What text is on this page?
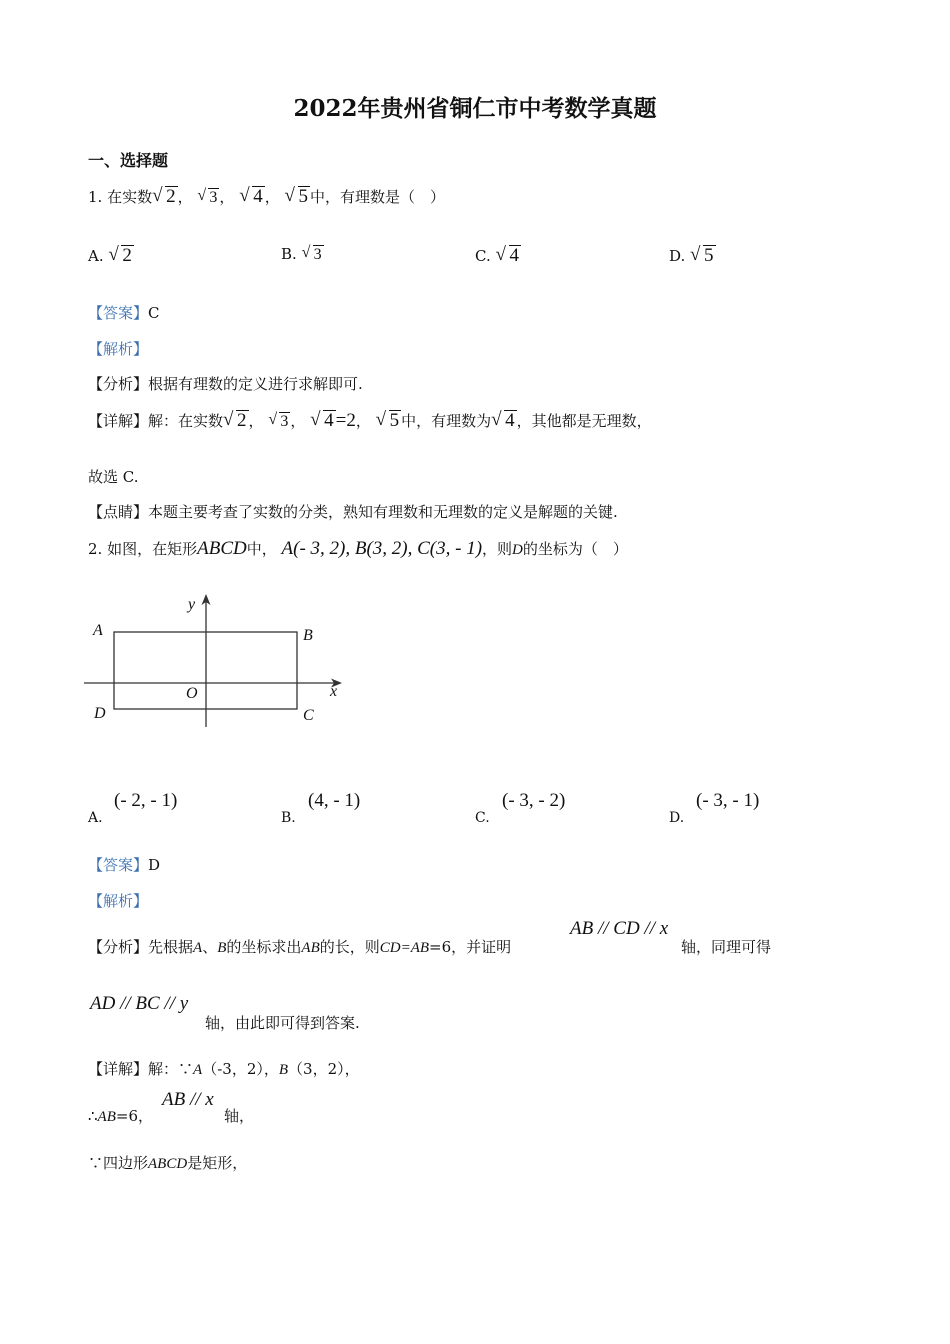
2022年贵州省铜仁市中考数学真题
一、选择题
1. 在实数 √ 2 ， √ 3 ， √ 4 ， √ 5 中，有理数是（　）
A. √ 2	B. √ 3	C. √ 4	D. √ 5
【答案】C
【解析】
【分析】根据有理数的定义进行求解即可.
【详解】解：在实数 √ 2 ， √ 3 ， √ 4 =2， √ 5 中，有理数为 √ 4 ，其他都是无理数，
故选 C.
【点睛】本题主要考查了实数的分类，熟知有理数和无理数的定义是解题的关键.
2. 如图，在矩形ABCD中， A(- 3, 2), B(3, 2), C(3, - 1)，则D的坐标为（　）
y
x
A	B
O
D	C
A.
(- 2, - 1)
B.
(4, - 1)
C.
(- 3, - 2)
D.
(- 3, - 1)
【答案】D
【解析】
【分析】先根据A、B的坐标求出AB的长，则CD=AB=6，并证明
AB // CD // x
轴，同理可得
AD // BC // y
轴，由此即可得到答案.
【详解】解：∵A（-3，2），B（3，2），
∴AB=6，
AB // x
轴，
∵四边形ABCD是矩形，
